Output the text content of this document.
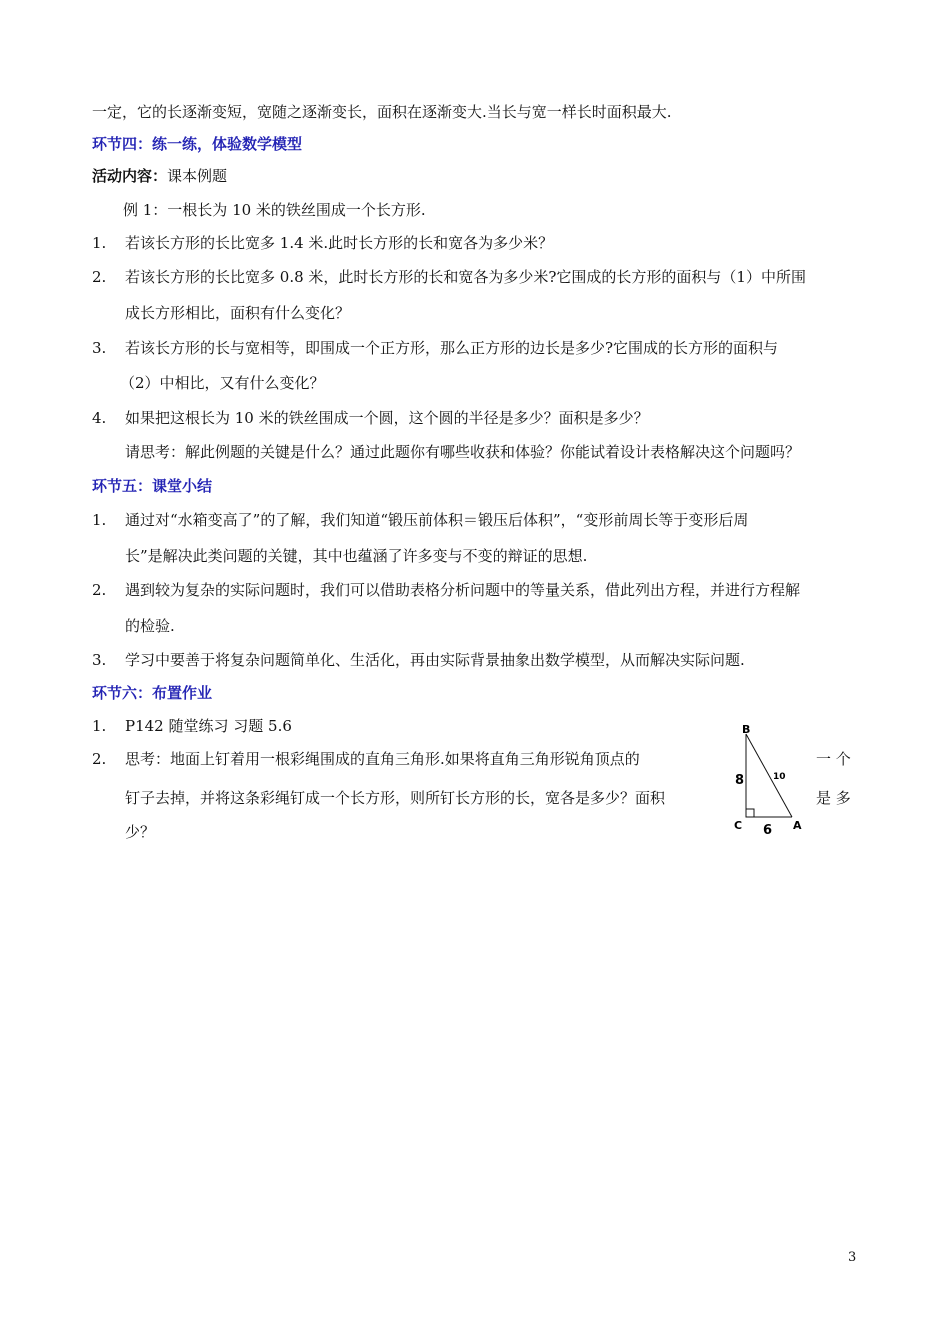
一定，它的长逐渐变短，宽随之逐渐变长，面积在逐渐变大.当长与宽一样长时面积最大.
环节四：练一练，体验数学模型
活动内容：课本例题
例 1：一根长为 10 米的铁丝围成一个长方形.
1. 若该长方形的长比宽多 1.4 米.此时长方形的长和宽各为多少米？
2. 若该长方形的长比宽多 0.8 米，此时长方形的长和宽各为多少米?它围成的长方形的面积与（1）中所围
成长方形相比，面积有什么变化？
3. 若该长方形的长与宽相等，即围成一个正方形，那么正方形的边长是多少?它围成的长方形的面积与
（2）中相比，又有什么变化？
4. 如果把这根长为 10 米的铁丝围成一个圆，这个圆的半径是多少？面积是多少？
请思考：解此例题的关键是什么？通过此题你有哪些收获和体验？你能试着设计表格解决这个问题吗？
环节五：课堂小结
1. 通过对“水箱变高了”的了解，我们知道“锻压前体积＝锻压后体积”，“变形前周长等于变形后周
长”是解决此类问题的关键，其中也蕴涵了许多变与不变的辩证的思想.
2. 遇到较为复杂的实际问题时，我们可以借助表格分析问题中的等量关系，借此列出方程，并进行方程解
的检验.
3. 学习中要善于将复杂问题简单化、生活化，再由实际背景抽象出数学模型，从而解决实际问题.
环节六：布置作业
1. P142 随堂练习 习题 5.6
2. 思考：地面上钉着用一根彩绳围成的直角三角形.如果将直角三角形锐角顶点的	一 个
钉子去掉，并将这条彩绳钉成一个长方形，则所钉长方形的长，宽各是多少？面积	是 多
少？
B
C	A
8
6
10
3
